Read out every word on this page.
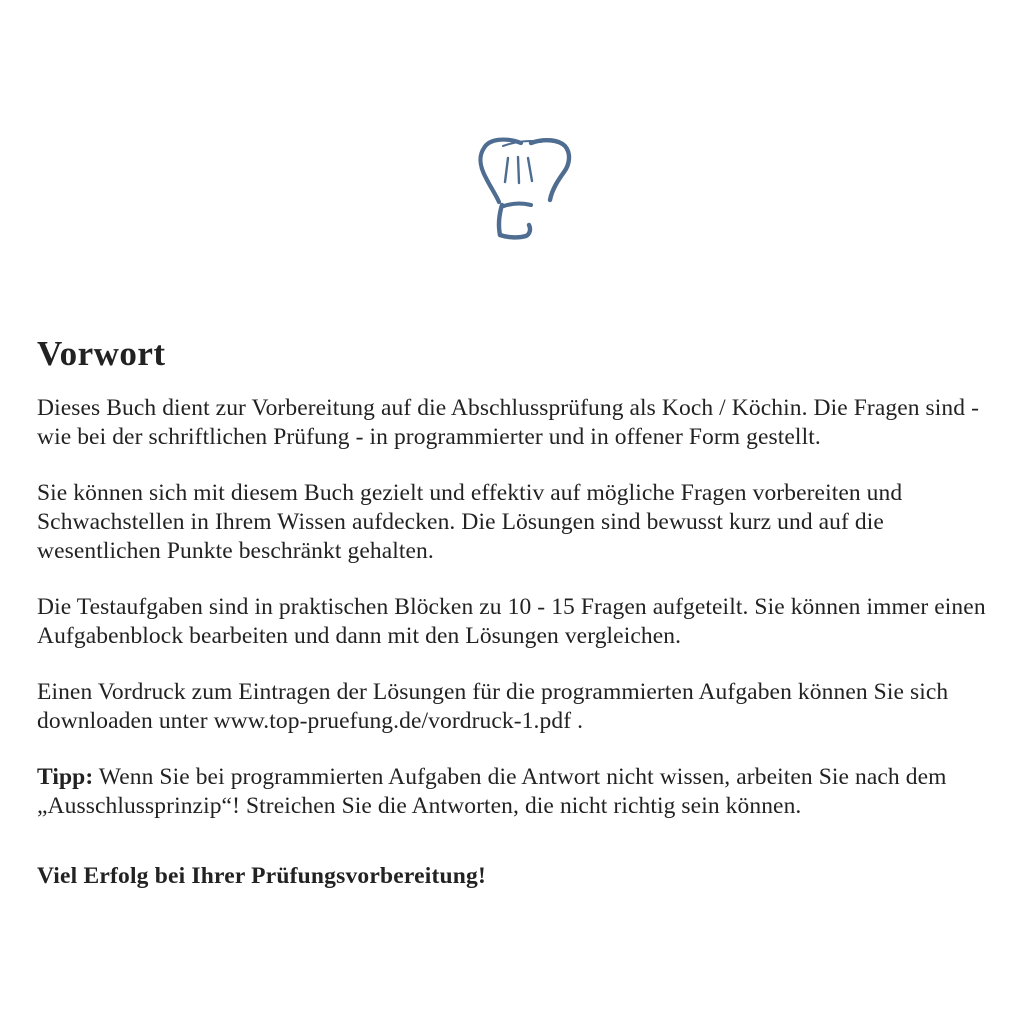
Vorwort

Dieses Buch dient zur Vorbereitung auf die Abschlussprüfung als Koch / Köchin. Die Fragen sind - wie bei der schriftlichen Prüfung - in programmierter und in offener Form gestellt.

Sie können sich mit diesem Buch gezielt und effektiv auf mögliche Fragen vorbereiten und Schwachstellen in Ihrem Wissen aufdecken. Die Lösungen sind bewusst kurz und auf die wesentlichen Punkte beschränkt gehalten.

Die Testaufgaben sind in praktischen Blöcken zu 10 - 15 Fragen aufgeteilt. Sie können immer einen Aufgabenblock bearbeiten und dann mit den Lösungen vergleichen.

Einen Vordruck zum Eintragen der Lösungen für die programmierten Aufgaben können Sie sich downloaden unter www.top-pruefung.de/vordruck-1.pdf .

Tipp: Wenn Sie bei programmierten Aufgaben die Antwort nicht wissen, arbeiten Sie nach dem „Ausschlussprinzip“! Streichen Sie die Antworten, die nicht richtig sein können.

Viel Erfolg bei Ihrer Prüfungsvorbereitung!
